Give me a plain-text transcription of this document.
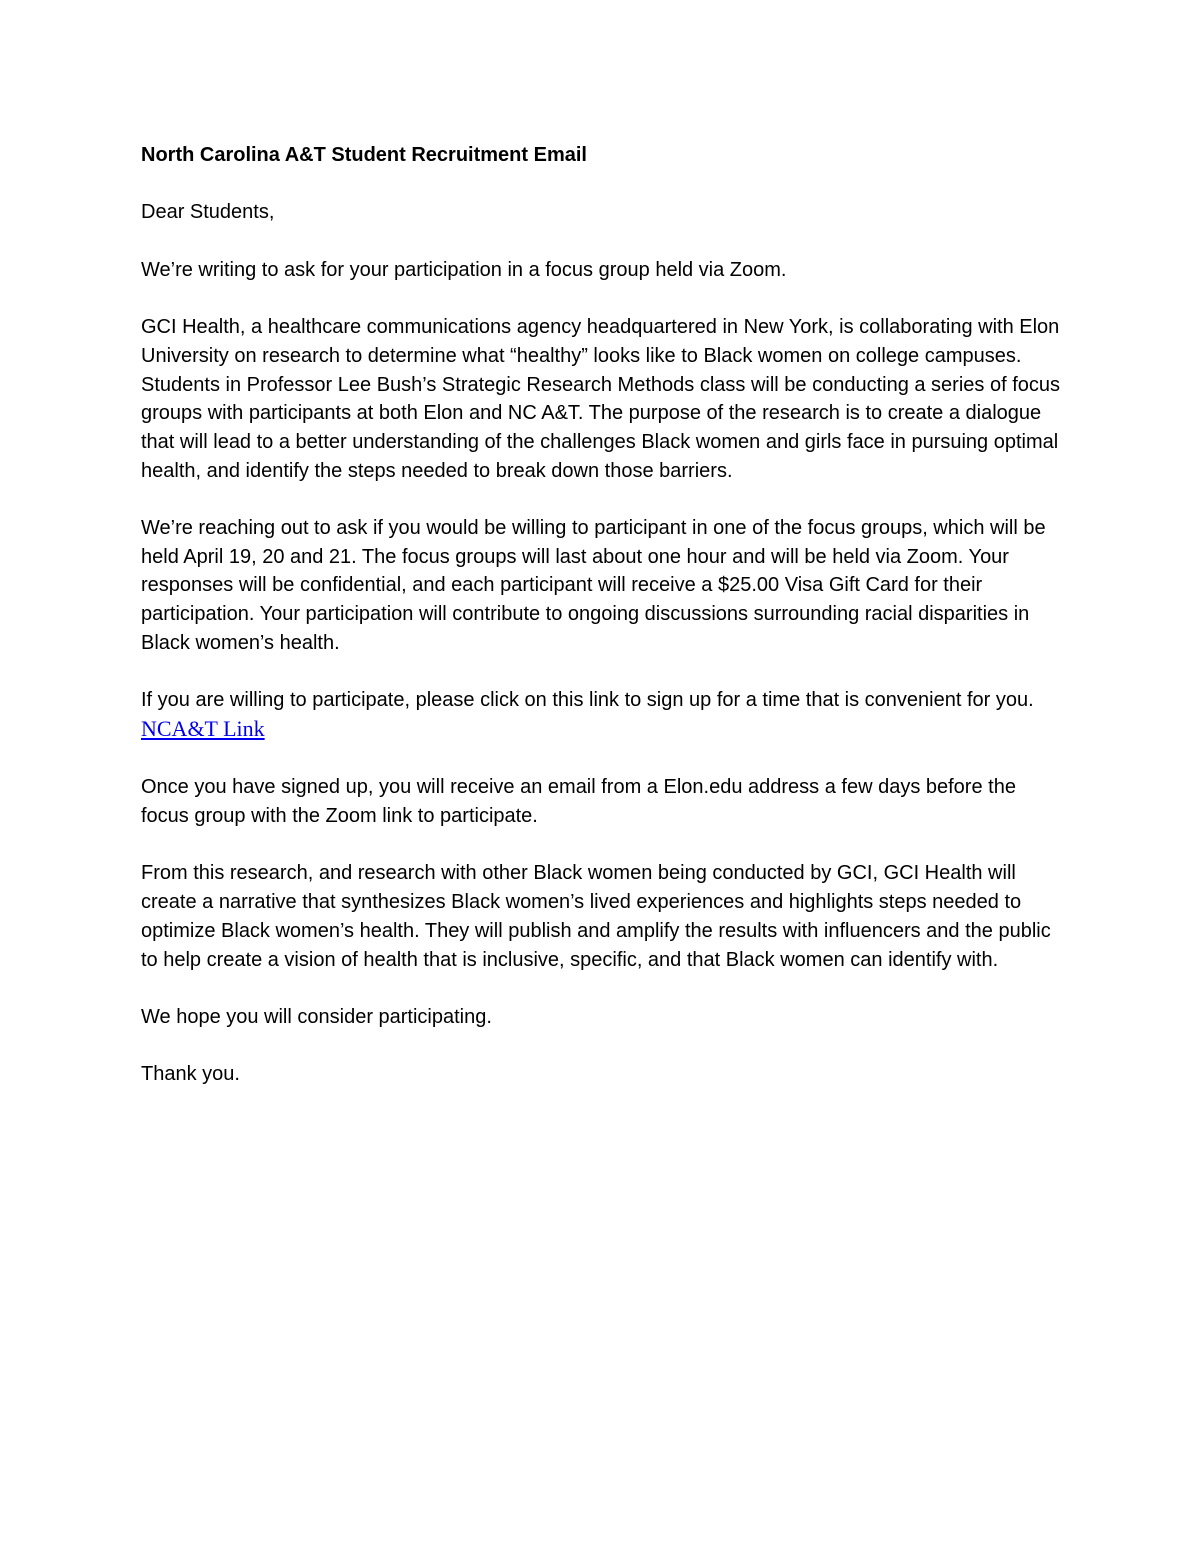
North Carolina A&T Student Recruitment Email

Dear Students,

We’re writing to ask for your participation in a focus group held via Zoom.

GCI Health, a healthcare communications agency headquartered in New York, is collaborating with Elon University on research to determine what “healthy” looks like to Black women on college campuses. Students in Professor Lee Bush’s Strategic Research Methods class will be conducting a series of focus groups with participants at both Elon and NC A&T. The purpose of the research is to create a dialogue that will lead to a better understanding of the challenges Black women and girls face in pursuing optimal health, and identify the steps needed to break down those barriers.

We’re reaching out to ask if you would be willing to participant in one of the focus groups, which will be held April 19, 20 and 21. The focus groups will last about one hour and will be held via Zoom. Your responses will be confidential, and each participant will receive a $25.00 Visa Gift Card for their participation. Your participation will contribute to ongoing discussions surrounding racial disparities in Black women’s health.

If you are willing to participate, please click on this link to sign up for a time that is convenient for you. NCA&T Link

Once you have signed up, you will receive an email from a Elon.edu address a few days before the focus group with the Zoom link to participate.

From this research, and research with other Black women being conducted by GCI, GCI Health will create a narrative that synthesizes Black women’s lived experiences and highlights steps needed to optimize Black women’s health. They will publish and amplify the results with influencers and the public to help create a vision of health that is inclusive, specific, and that Black women can identify with.

We hope you will consider participating.

Thank you.
